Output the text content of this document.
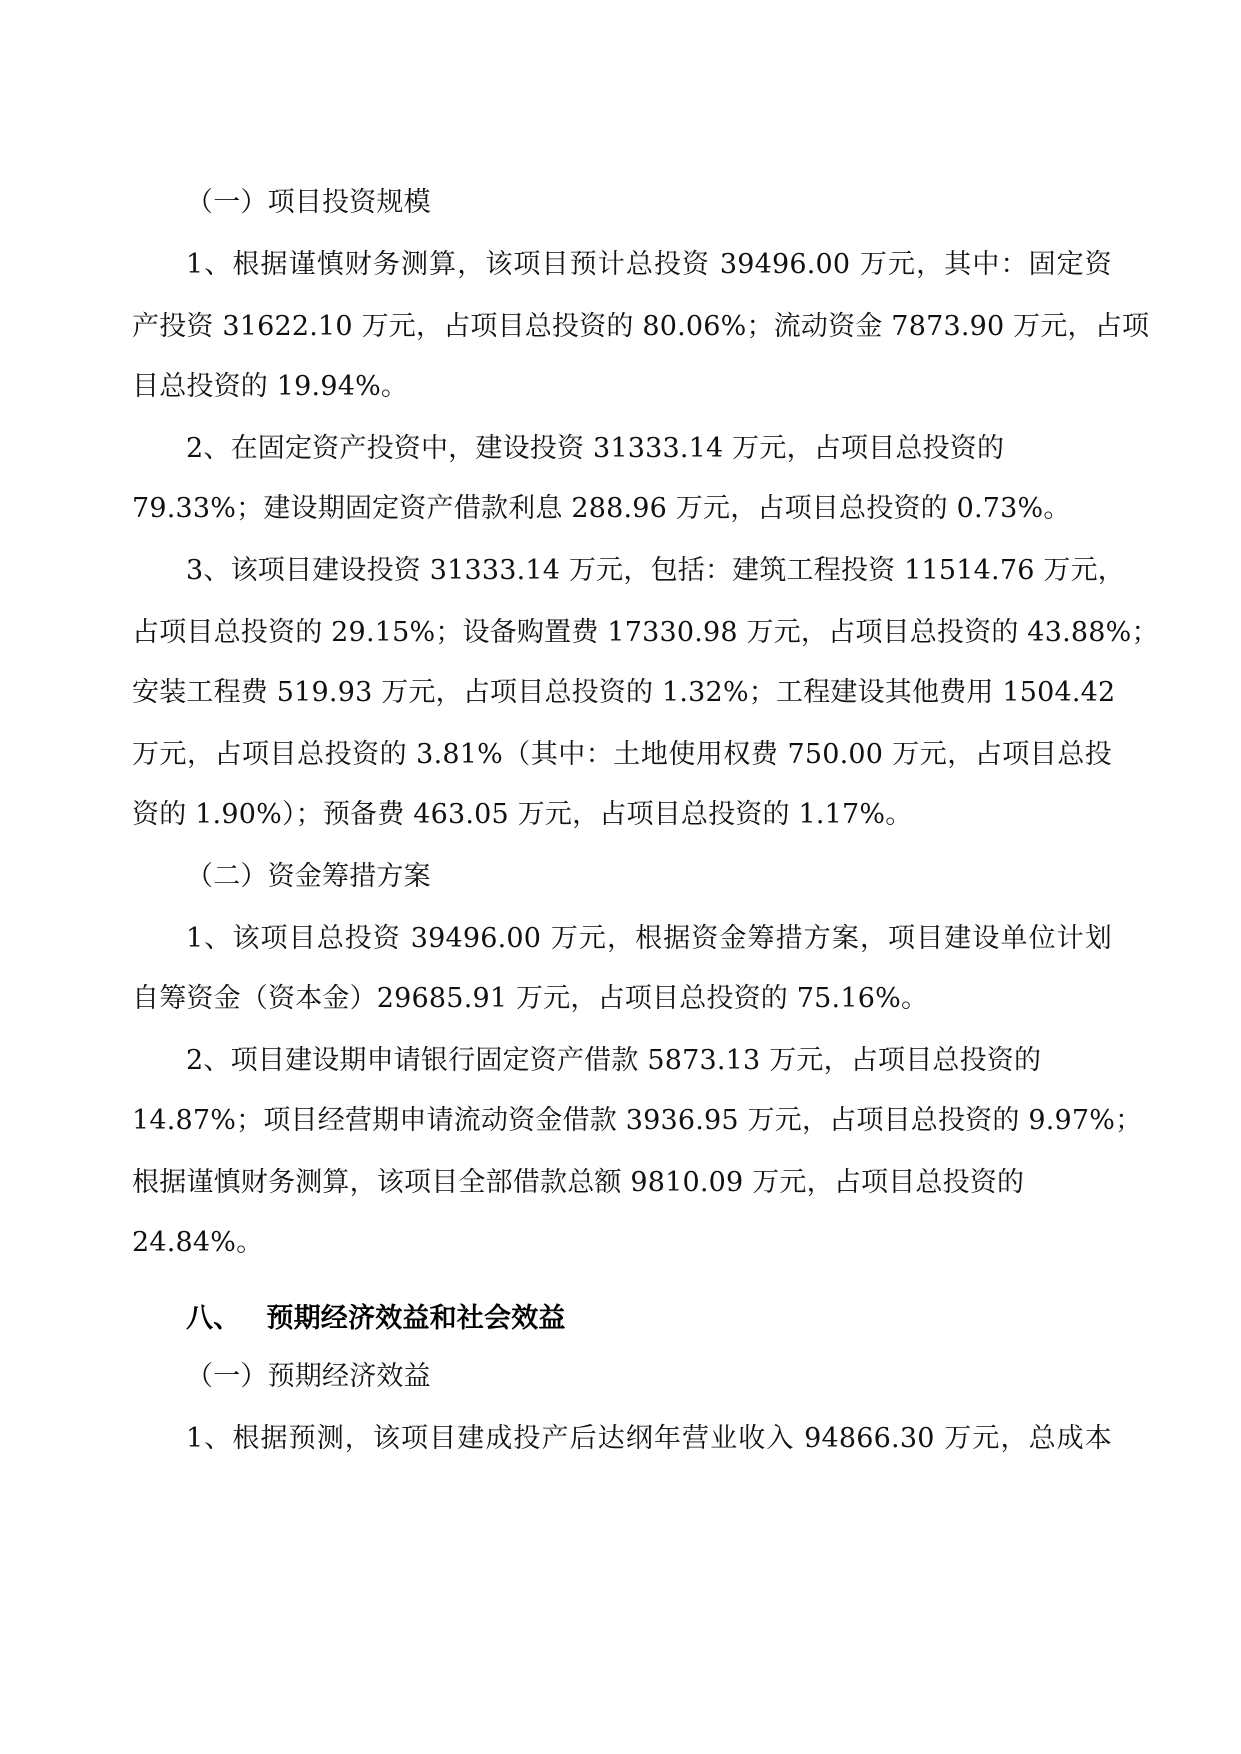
（一）项目投资规模

1、根据谨慎财务测算，该项目预计总投资 39496.00 万元，其中：固定资

产投资 31622.10 万元，占项目总投资的 80.06%；流动资金 7873.90 万元，占项

目总投资的 19.94%。

2、在固定资产投资中，建设投资 31333.14 万元，占项目总投资的

79.33%；建设期固定资产借款利息 288.96 万元，占项目总投资的 0.73%。

3、该项目建设投资 31333.14 万元，包括：建筑工程投资 11514.76 万元，

占项目总投资的 29.15%；设备购置费 17330.98 万元，占项目总投资的 43.88%；

安装工程费 519.93 万元，占项目总投资的 1.32%；工程建设其他费用 1504.42

万元，占项目总投资的 3.81%（其中：土地使用权费 750.00 万元，占项目总投

资的 1.90%）；预备费 463.05 万元，占项目总投资的 1.17%。

（二）资金筹措方案

1、该项目总投资 39496.00 万元，根据资金筹措方案，项目建设单位计划

自筹资金（资本金）29685.91 万元，占项目总投资的 75.16%。

2、项目建设期申请银行固定资产借款 5873.13 万元，占项目总投资的

14.87%；项目经营期申请流动资金借款 3936.95 万元，占项目总投资的 9.97%；

根据谨慎财务测算，该项目全部借款总额 9810.09 万元，占项目总投资的

24.84%。

八、 预期经济效益和社会效益

（一）预期经济效益

1、根据预测，该项目建成投产后达纲年营业收入 94866.30 万元，总成本
